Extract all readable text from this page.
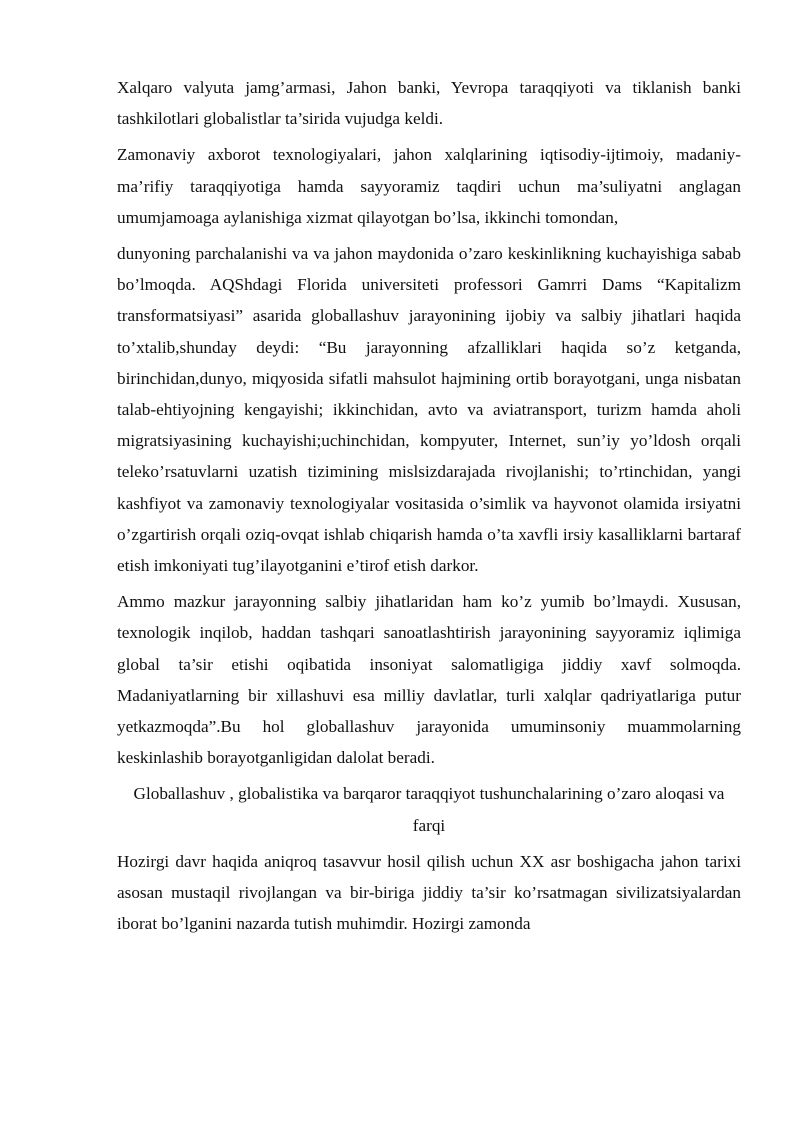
Xalqaro valyuta jamg’armasi, Jahon banki, Yevropa taraqqiyoti va tiklanish banki tashkilotlari globalistlar ta’sirida vujudga keldi.

Zamonaviy axborot texnologiyalari, jahon xalqlarining iqtisodiy-ijtimoiy, madaniy-ma’rifiy taraqqiyotiga hamda sayyoramiz taqdiri uchun ma’suliyatni anglagan umumjamoaga aylanishiga xizmat qilayotgan bo’lsa, ikkinchi tomondan,

dunyoning parchalanishi va va jahon maydonida o’zaro keskinlikning kuchayishiga sabab bo’lmoqda. AQShdagi Florida universiteti professori Gamrri Dams “Kapitalizm transformatsiyasi” asarida globallashuv jarayonining ijobiy va salbiy jihatlari haqida to’xtalib,shunday deydi: “Bu jarayonning afzalliklari haqida so’z ketganda, birinchidan,dunyo, miqyosida sifatli mahsulot hajmining ortib borayotgani, unga nisbatan talab-ehtiyojning kengayishi; ikkinchidan, avto va aviatransport, turizm hamda aholi migratsiyasining kuchayishi;uchinchidan, kompyuter, Internet, sun’iy yo’ldosh orqali teleko’rsatuvlarni uzatish tizimining mislsizdarajada rivojlanishi; to’rtinchidan, yangi kashfiyot va zamonaviy texnologiyalar vositasida o’simlik va hayvonot olamida irsiyatni o’zgartirish orqali oziq-ovqat ishlab chiqarish hamda o’ta xavfli irsiy kasalliklarni bartaraf etish imkoniyati tug’ilayotganini e’tirof etish darkor.

Ammo mazkur jarayonning salbiy jihatlaridan ham ko’z yumib bo’lmaydi. Xususan, texnologik inqilob, haddan tashqari sanoatlashtirish jarayonining sayyoramiz iqlimiga global ta’sir etishi oqibatida insoniyat salomatligiga jiddiy xavf solmoqda. Madaniyatlarning bir xillashuvi esa milliy davlatlar, turli xalqlar qadriyatlariga putur yetkazmoqda”.Bu hol globallashuv jarayonida umuminsoniy muammolarning keskinlashib borayotganligidan dalolat beradi.

Globallashuv , globalistika va barqaror taraqqiyot tushunchalarining o’zaro aloqasi va farqi

Hozirgi davr haqida aniqroq tasavvur hosil qilish uchun XX asr boshigacha jahon tarixi asosan mustaqil rivojlangan va bir-biriga jiddiy ta’sir ko’rsatmagan sivilizatsiyalardan iborat bo’lganini nazarda tutish muhimdir. Hozirgi zamonda
